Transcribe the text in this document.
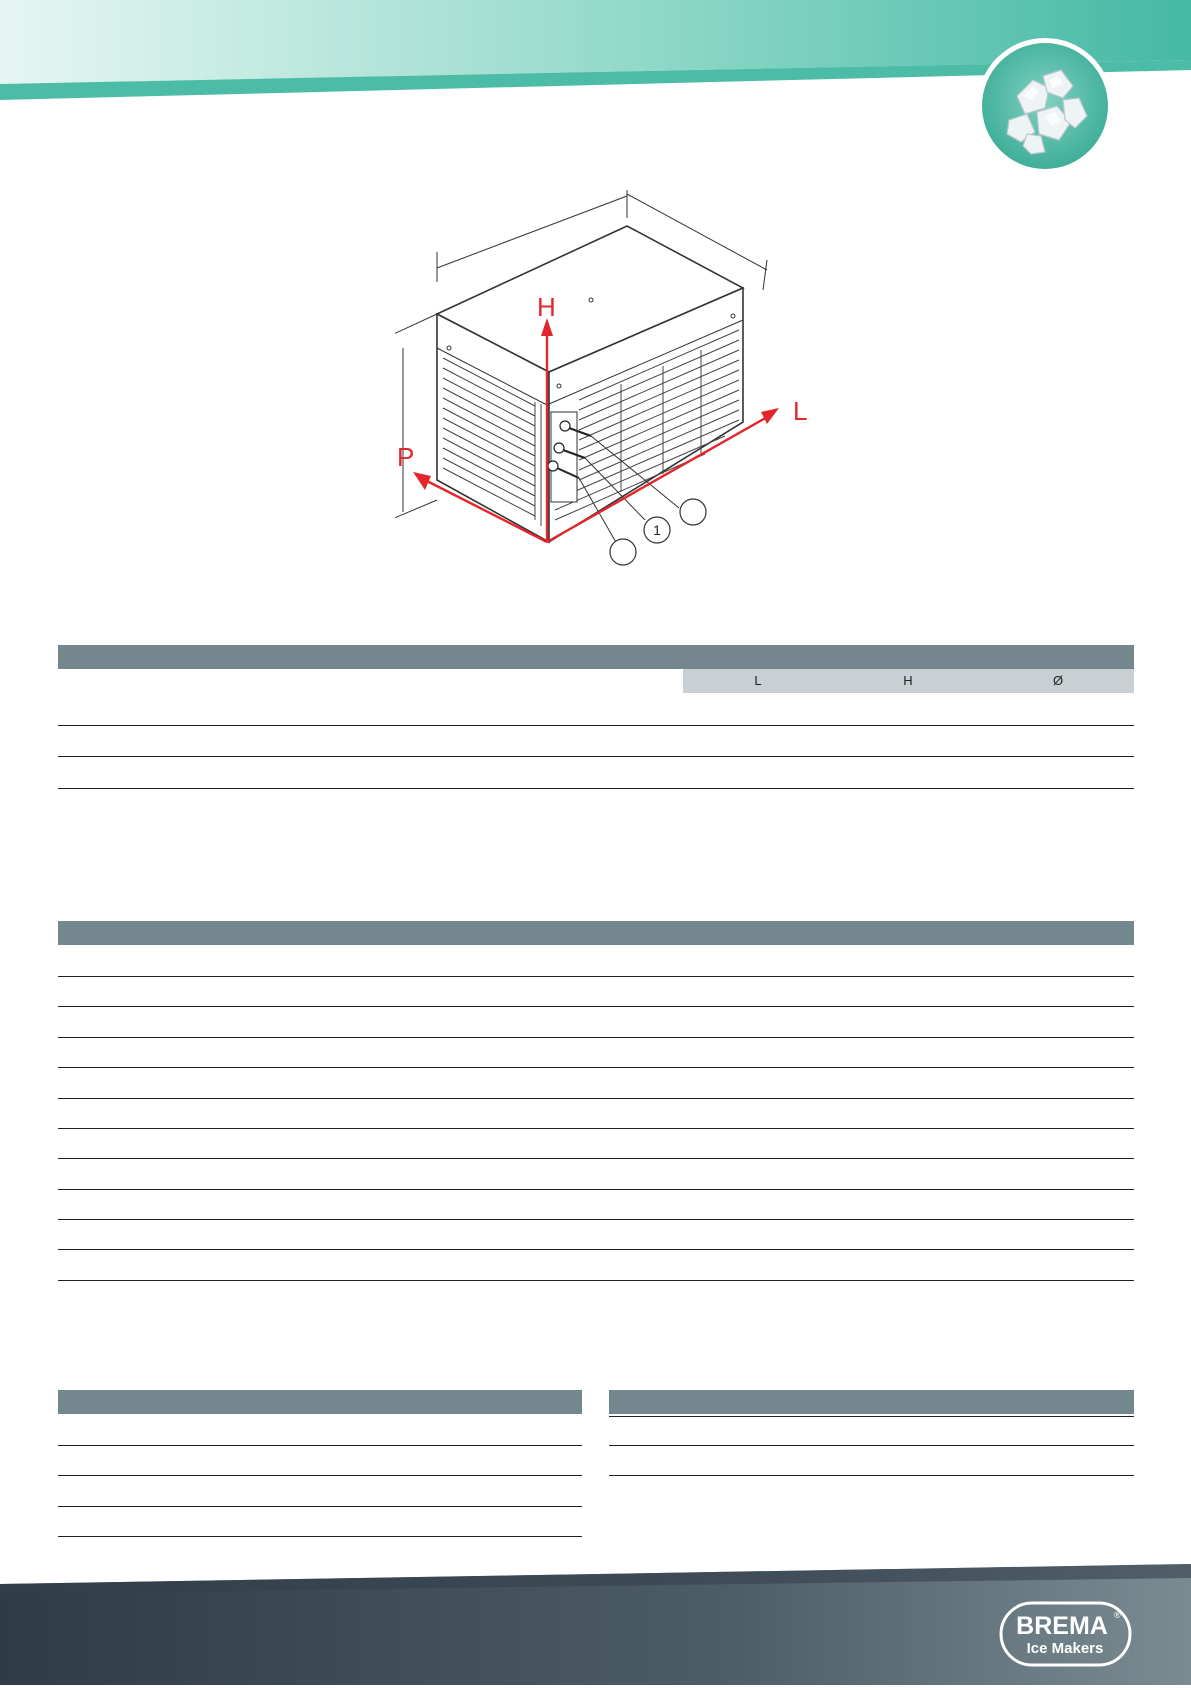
1
H
L
P
L	H	Ø
BREMA ®
Ice Makers
